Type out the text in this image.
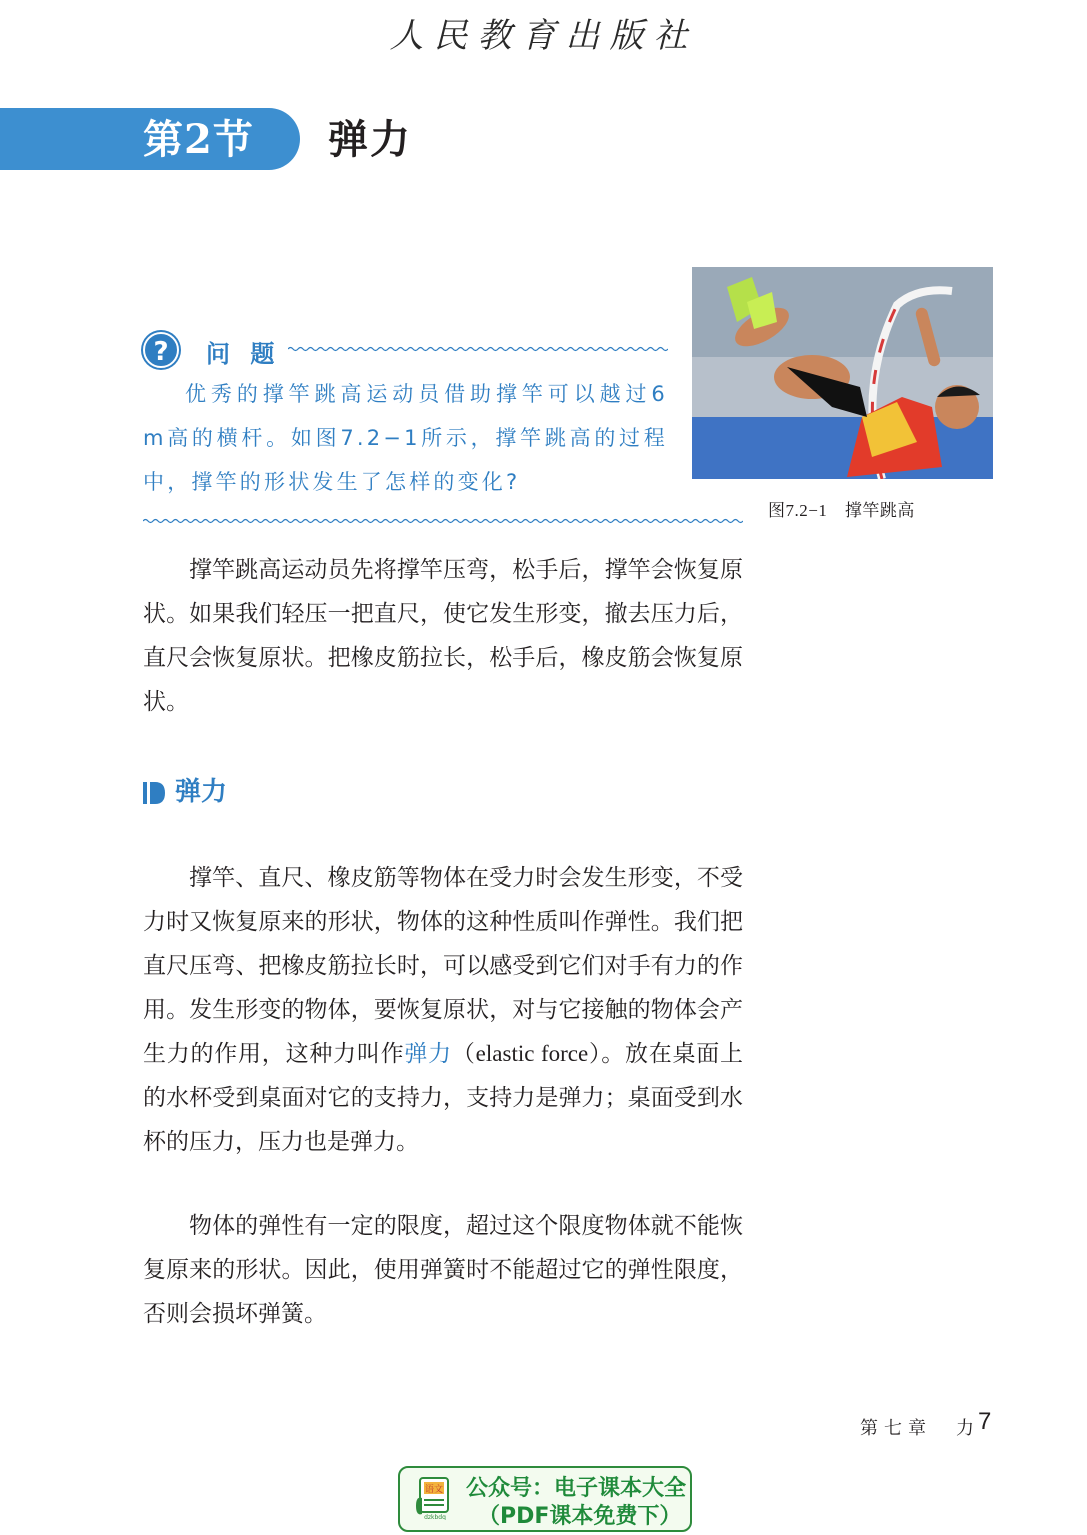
人民教育出版社
第2节 弹力
?	问 题

优秀的撑竿跳高运动员借助撑竿可以越过6 m高的横杆。如图7.2−1所示，撑竿跳高的过程中，撑竿的形状发生了怎样的变化?

图7.2−1　撑竿跳高

撑竿跳高运动员先将撑竿压弯，松手后，撑竿会恢复原状。如果我们轻压一把直尺，使它发生形变，撤去压力后，直尺会恢复原状。把橡皮筋拉长，松手后，橡皮筋会恢复原状。

弹力

撑竿、直尺、橡皮筋等物体在受力时会发生形变，不受力时又恢复原来的形状，物体的这种性质叫作弹性。我们把直尺压弯、把橡皮筋拉长时，可以感受到它们对手有力的作用。发生形变的物体，要恢复原状，对与它接触的物体会产生力的作用，这种力叫作弹力（elastic force）。放在桌面上的水杯受到桌面对它的支持力，支持力是弹力；桌面受到水杯的压力，压力也是弹力。

物体的弹性有一定的限度，超过这个限度物体就不能恢复原来的形状。因此，使用弹簧时不能超过它的弹性限度，否则会损坏弹簧。

第七章　力
7
语文
dzkbdq
公众号：电子课本大全
（PDF课本免费下）
